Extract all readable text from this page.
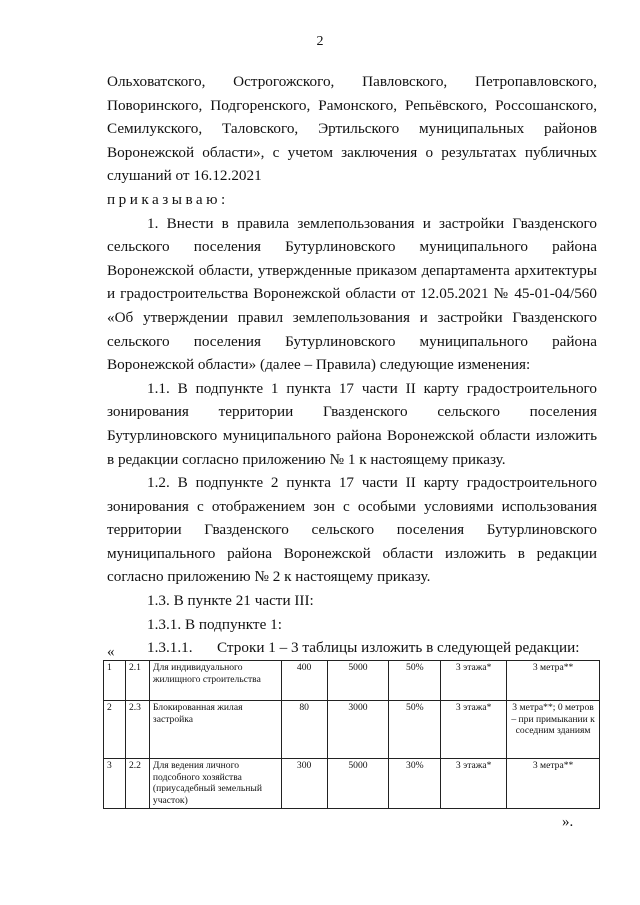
2

Ольховатского, Острогожского, Павловского, Петропавловского, Поворинского, Подгоренского, Рамонского, Репьёвского, Россошанского, Семилукского, Таловского, Эртильского муниципальных районов Воронежской области», с учетом заключения о результатах публичных слушаний от 16.12.2021

приказываю:

1. Внести в правила землепользования и застройки Гвазденского сельского поселения Бутурлиновского муниципального района Воронежской области, утвержденные приказом департамента архитектуры и градостроительства Воронежской области от 12.05.2021 № 45-01-04/560 «Об утверждении правил землепользования и застройки Гвазденского сельского поселения Бутурлиновского муниципального района Воронежской области» (далее – Правила) следующие изменения:

1.1. В подпункте 1 пункта 17 части II карту градостроительного зонирования территории Гвазденского сельского поселения Бутурлиновского муниципального района Воронежской области изложить в редакции согласно приложению № 1 к настоящему приказу.

1.2. В подпункте 2 пункта 17 части II карту градостроительного зонирования с отображением зон с особыми условиями использования территории Гвазденского сельского поселения Бутурлиновского муниципального района Воронежской области изложить в редакции согласно приложению № 2 к настоящему приказу.

1.3. В пункте 21 части III:

1.3.1. В подпункте 1:

1.3.1.1.	Строки 1 – 3 таблицы изложить в следующей редакции:
«
1	2.1	Для индивидуального жилищного строительства	400	5000	50%	3 этажа*	3 метра**
2	2.3	Блокированная жилая застройка	80	3000	50%	3 этажа*	3 метра**; 0 метров – при примыкании к соседним зданиям
3	2.2	Для ведения личного подсобного хозяйства (приусадебный земельный участок)	300	5000	30%	3 этажа*	3 метра**
».
